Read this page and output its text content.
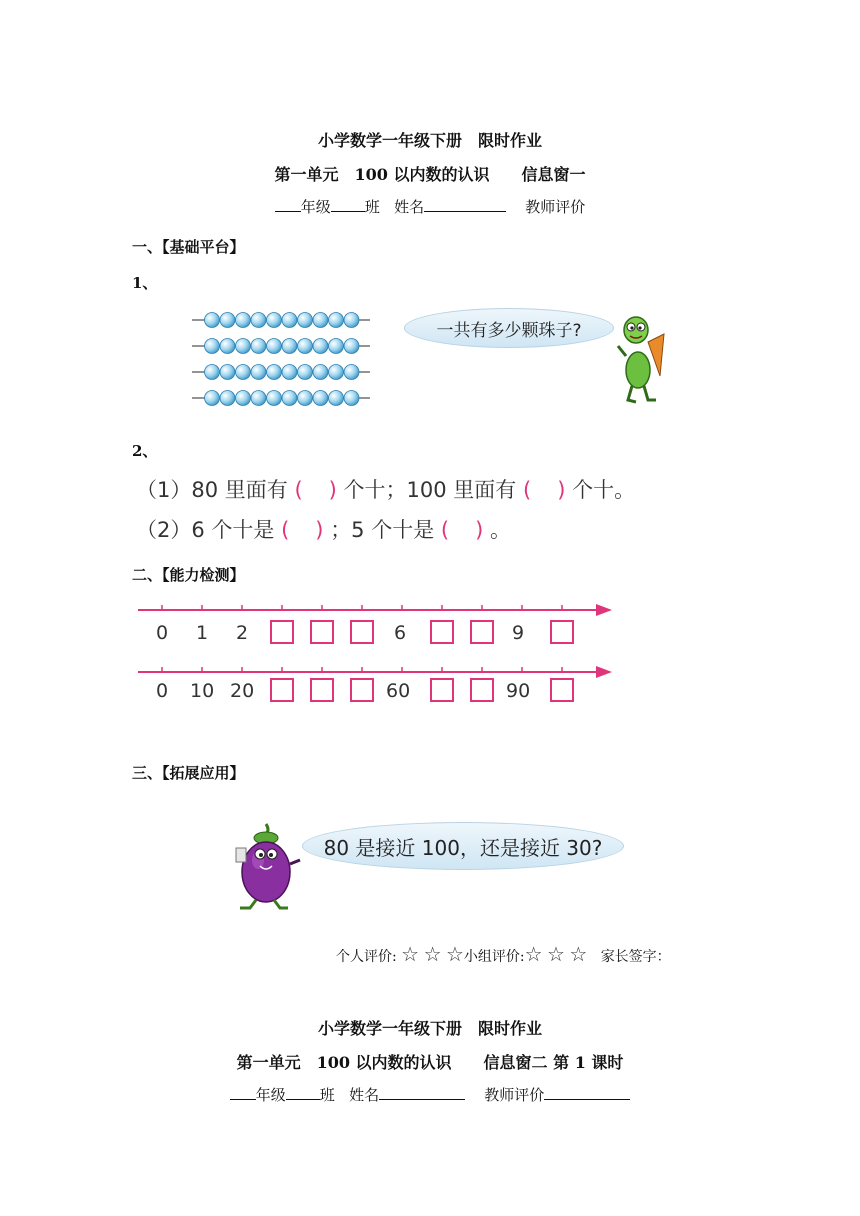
小学数学一年级下册　限时作业
第一单元　100 以内数的认识　　信息窗一
年级 班 姓名	教师评价
一、【基础平台】
1、
一共有多少颗珠子?
2、
（1）80 里面有 ( ) 个十；100 里面有 ( ) 个十。
（2）6 个十是 ( ) ；5 个十是 ( ) 。
二、【能力检测】
0 1 2	6	9
0 10 20	60	90
三、【拓展应用】
80 是接近 100，还是接近 30?
个人评价: ☆ ☆ ☆小组评价:☆ ☆ ☆ 家长签字：
小学数学一年级下册　限时作业
第一单元　100 以内数的认识　　信息窗二 第 1 课时
年级 班 姓名	教师评价
